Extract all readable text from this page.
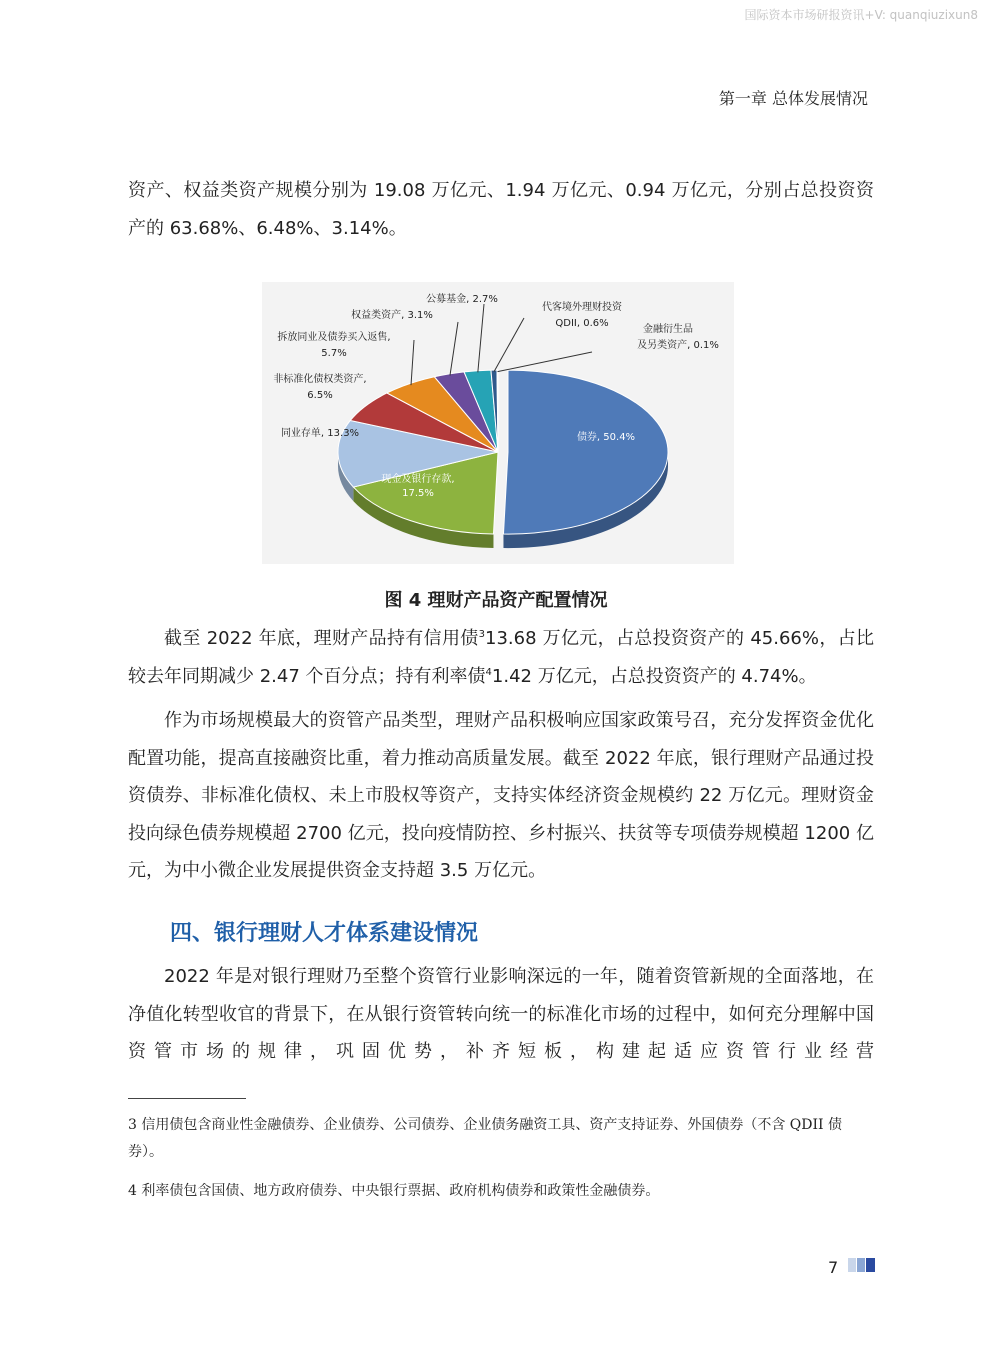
国际资本市场研报资讯+V: quanqiuzixun8
第一章 总体发展情况

资产、权益类资产规模分别为 19.08 万亿元、1.94 万亿元、0.94 万亿元，分别占总投资资产的 63.68%、6.48%、3.14%。

债券, 50.4%
现金及银行存款,
17.5%
同业存单, 13.3%
非标准化债权类资产,
6.5%
拆放同业及债券买入返售,
5.7%
权益类资产, 3.1%
公募基金, 2.7%
代客境外理财投资
QDII, 0.6%
金融衍生品
及另类资产, 0.1%
图 4 理财产品资产配置情况

截至 2022 年底，理财产品持有信用债$^3$13.68 万亿元，占总投资资产的 45.66%，占比较去年同期减少 2.47 个百分点；持有利率债$^4$1.42 万亿元，占总投资资产的 4.74%。

作为市场规模最大的资管产品类型，理财产品积极响应国家政策号召，充分发挥资金优化配置功能，提高直接融资比重，着力推动高质量发展。截至 2022 年底，银行理财产品通过投资债券、非标准化债权、未上市股权等资产，支持实体经济资金规模约 22 万亿元。理财资金投向绿色债券规模超 2700 亿元，投向疫情防控、乡村振兴、扶贫等专项债券规模超 1200 亿元，为中小微企业发展提供资金支持超 3.5 万亿元。

四、银行理财人才体系建设情况

2022 年是对银行理财乃至整个资管行业影响深远的一年，随着资管新规的全面落地，在净值化转型收官的背景下，在从银行资管转向统一的标准化市场的过程中，如何充分理解中国资管市场的规律，巩固优势，补齐短板，构建起适应资管行业经营

3 信用债包含商业性金融债券、企业债券、公司债券、企业债务融资工具、资产支持证券、外国债券（不含 QDII 债券）。

4 利率债包含国债、地方政府债券、中央银行票据、政府机构债券和政策性金融债券。

7
